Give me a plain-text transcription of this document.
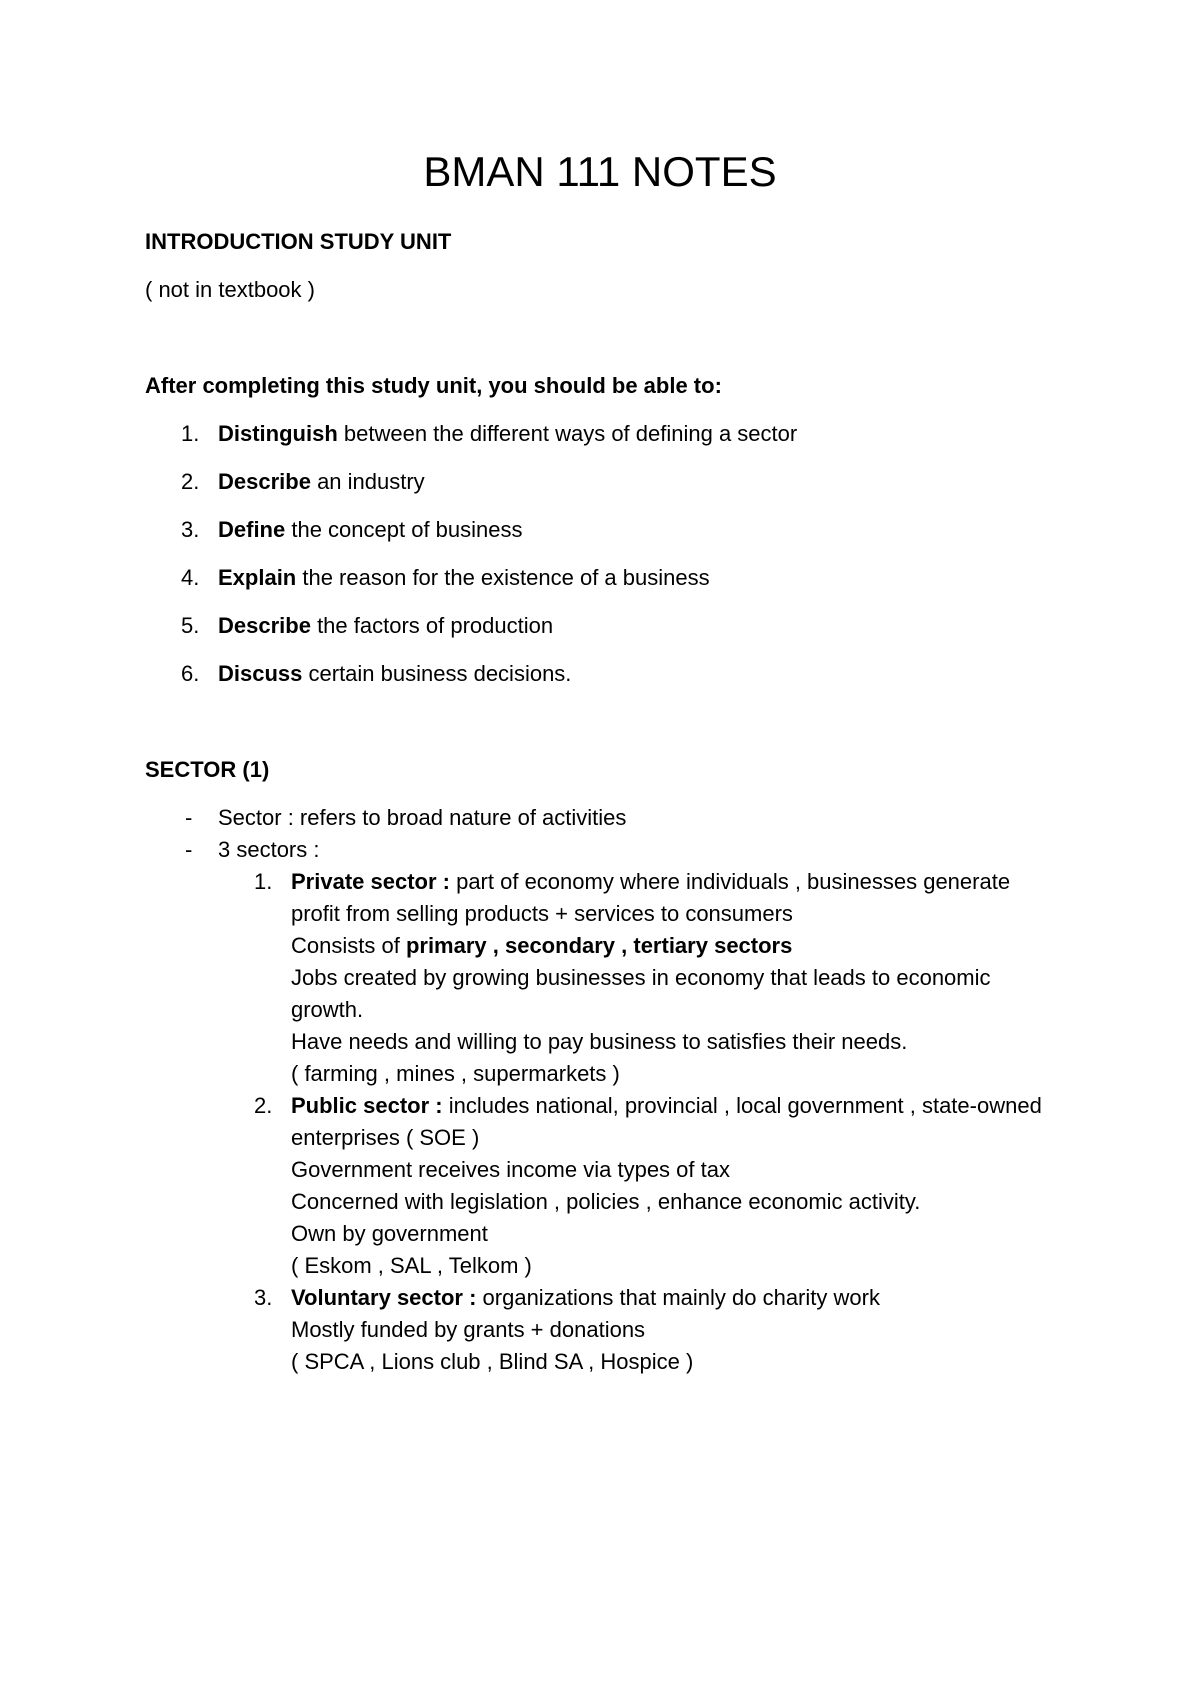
BMAN 111 NOTES
INTRODUCTION STUDY UNIT
( not in textbook )
After completing this study unit, you should be able to:
1. Distinguish between the different ways of defining a sector
2. Describe an industry
3. Define the concept of business
4. Explain the reason for the existence of a business
5. Describe the factors of production
6. Discuss certain business decisions.
SECTOR (1)
- Sector : refers to broad nature of activities
- 3 sectors :
1. Private sector : part of economy where individuals , businesses generate
profit from selling products + services to consumers
Consists of primary , secondary , tertiary sectors
Jobs created by growing businesses in economy that leads to economic
growth.
Have needs and willing to pay business to satisfies their needs.
( farming , mines , supermarkets )
2. Public sector : includes national, provincial , local government , state-owned
enterprises ( SOE )
Government receives income via types of tax
Concerned with legislation , policies , enhance economic activity.
Own by government
( Eskom , SAL , Telkom )
3. Voluntary sector : organizations that mainly do charity work
Mostly funded by grants + donations
( SPCA , Lions club , Blind SA , Hospice )
